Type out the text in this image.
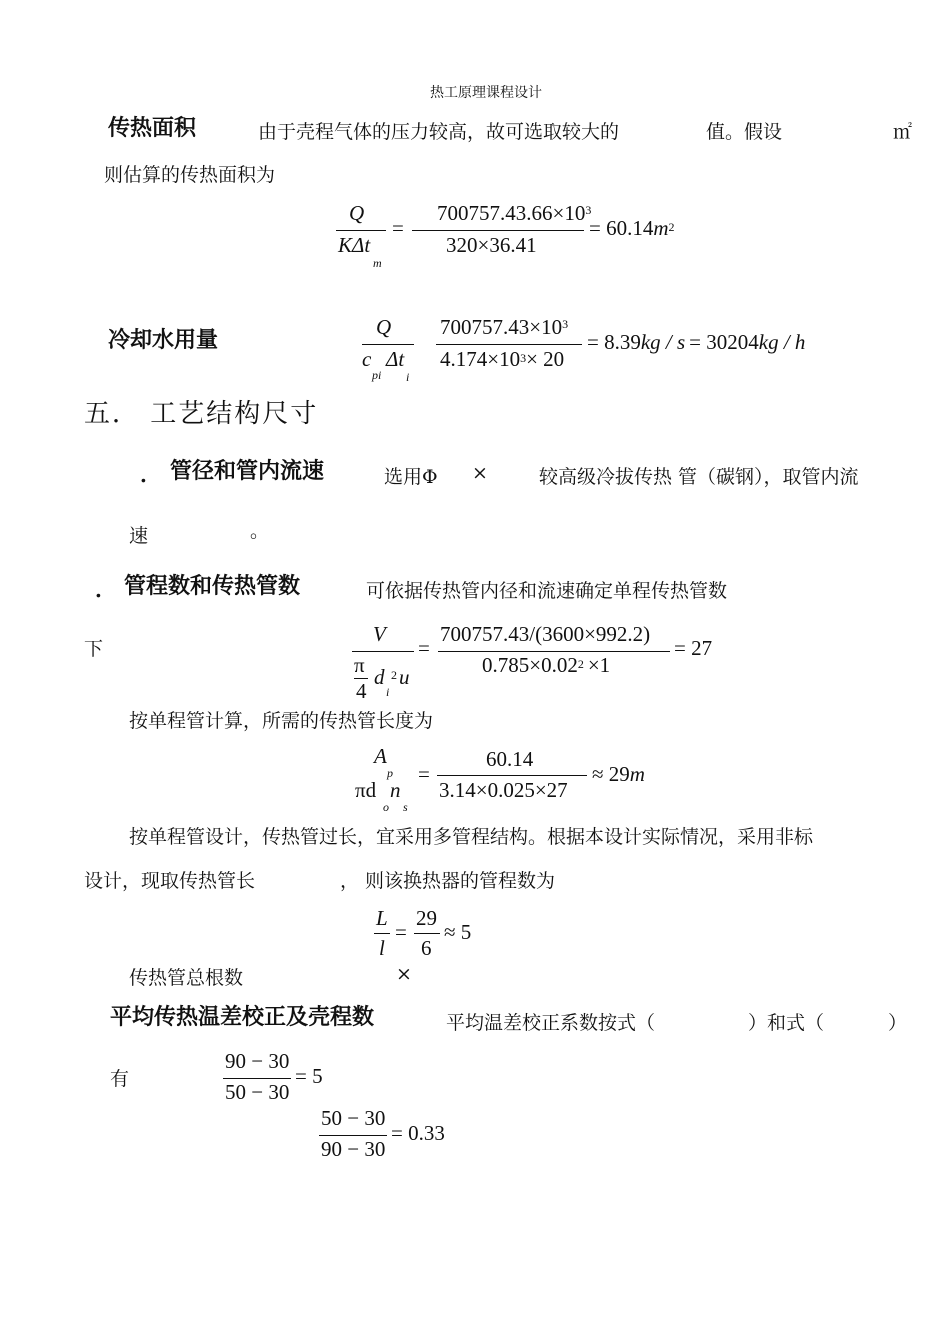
热工原理课程设计
传热面积	由于壳程气体的压力较高，故可选取较大的	值。假设	㎡
则估算的传热面积为
Q
KΔt
m
=
$700757.43.66\times 10^3$
320×36.41
= $60.14m^2$
冷却水用量
Q
c
pi
Δt
i
$700757.43\times 10^3$
$4.174\times 10^3\times 20$
= 8.39kg / s = 30204kg / h
五． 工艺结构尺寸
． 管径和管内流速	选用Φ ×	较高级冷拔传热 管（碳钢），取管内流
速	。
． 管程数和传热管数	可依据传热管内径和流速确定单程传热管数
下
V
π
4
d
i
2 u
=
700757.43/(3600×992.2)
$0.785\times 0.02^2 \times 1$
= 27
按单程管计算，所需的传热管长度为
A
p
πd
o
n
s
=
60.14
3.14×0.025×27
≈ 29m
按单程管设计，传热管过长，宜采用多管程结构。根据本设计实际情况，采用非标
设计，现取传热管长	， 则该换热器的管程数为
L
l
=
29
6
≈ 5
传热管总根数	×
平均传热温差校正及壳程数	平均温差校正系数按式（	）和式（	）
有
90 − 30
50 − 30
= 5
50 − 30
90 − 30
= 0.33
